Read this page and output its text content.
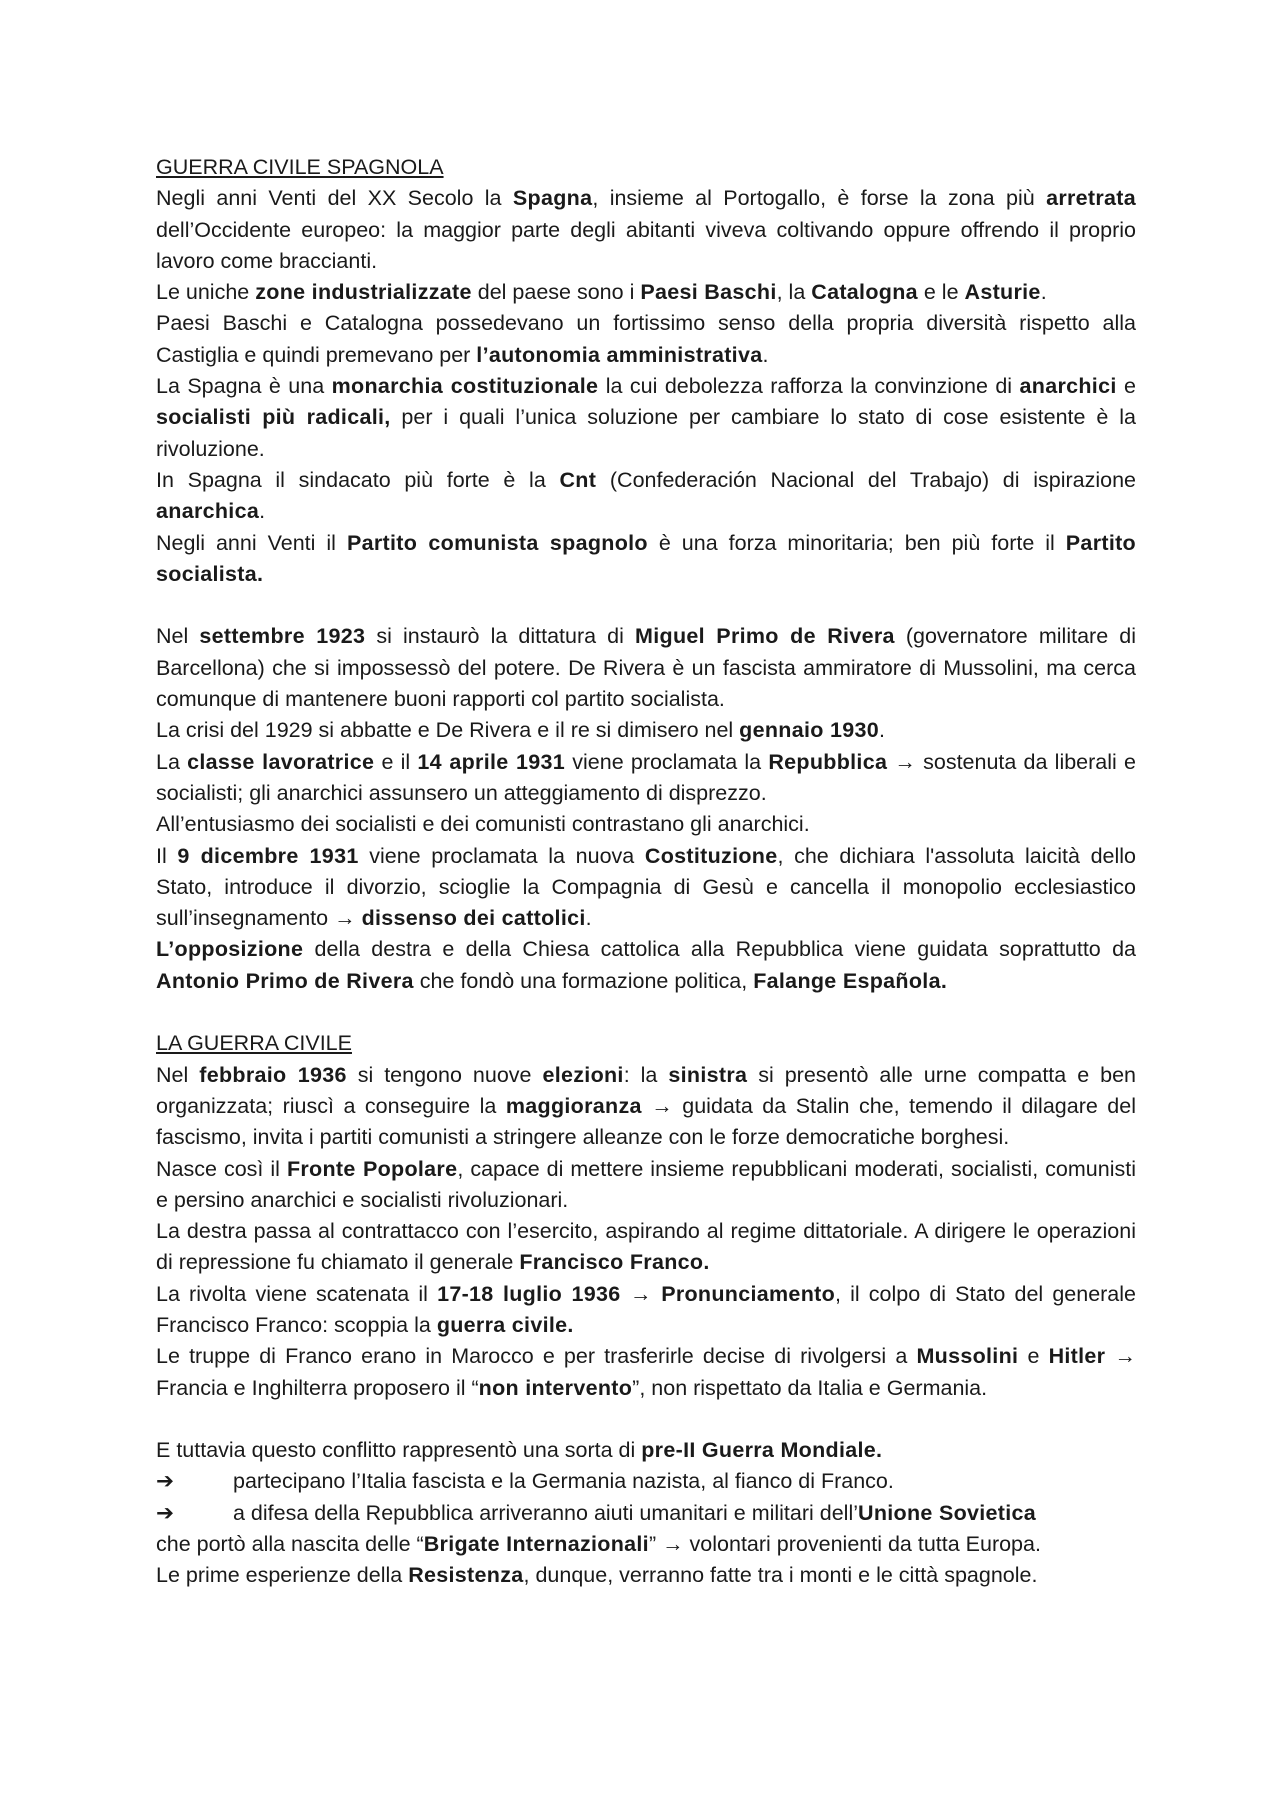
GUERRA CIVILE SPAGNOLA

Negli anni Venti del XX Secolo la Spagna, insieme al Portogallo, è forse la zona più arretrata dell’Occidente europeo: la maggior parte degli abitanti viveva coltivando oppure offrendo il proprio lavoro come braccianti.

Le uniche zone industrializzate del paese sono i Paesi Baschi, la Catalogna e le Asturie.

Paesi Baschi e Catalogna possedevano un fortissimo senso della propria diversità rispetto alla Castiglia e quindi premevano per l’autonomia amministrativa.

La Spagna è una monarchia costituzionale la cui debolezza rafforza la convinzione di anarchici e socialisti più radicali, per i quali l’unica soluzione per cambiare lo stato di cose esistente è la rivoluzione.

In Spagna il sindacato più forte è la Cnt (Confederación Nacional del Trabajo) di ispirazione anarchica.

Negli anni Venti il Partito comunista spagnolo è una forza minoritaria; ben più forte il Partito socialista.

Nel settembre 1923 si instaurò la dittatura di Miguel Primo de Rivera (governatore militare di Barcellona) che si impossessò del potere. De Rivera è un fascista ammiratore di Mussolini, ma cerca comunque di mantenere buoni rapporti col partito socialista.

La crisi del 1929 si abbatte e De Rivera e il re si dimisero nel gennaio 1930.

La classe lavoratrice e il 14 aprile 1931 viene proclamata la Repubblica → sostenuta da liberali e socialisti; gli anarchici assunsero un atteggiamento di disprezzo.

All’entusiasmo dei socialisti e dei comunisti contrastano gli anarchici.

Il 9 dicembre 1931 viene proclamata la nuova Costituzione, che dichiara l'assoluta laicità dello Stato, introduce il divorzio, scioglie la Compagnia di Gesù e cancella il monopolio ecclesiastico sull’insegnamento → dissenso dei cattolici.

L’opposizione della destra e della Chiesa cattolica alla Repubblica viene guidata soprattutto da Antonio Primo de Rivera che fondò una formazione politica, Falange Española.

LA GUERRA CIVILE

Nel febbraio 1936 si tengono nuove elezioni: la sinistra si presentò alle urne compatta e ben organizzata; riuscì a conseguire la maggioranza → guidata da Stalin che, temendo il dilagare del fascismo, invita i partiti comunisti a stringere alleanze con le forze democratiche borghesi.

Nasce così il Fronte Popolare, capace di mettere insieme repubblicani moderati, socialisti, comunisti e persino anarchici e socialisti rivoluzionari.

La destra passa al contrattacco con l’esercito, aspirando al regime dittatoriale. A dirigere le operazioni di repressione fu chiamato il generale Francisco Franco.

La rivolta viene scatenata il 17-18 luglio 1936 → Pronunciamento, il colpo di Stato del generale Francisco Franco: scoppia la guerra civile.

Le truppe di Franco erano in Marocco e per trasferirle decise di rivolgersi a Mussolini e Hitler → Francia e Inghilterra proposero il “non intervento”, non rispettato da Italia e Germania.

E tuttavia questo conflitto rappresentò una sorta di pre-II Guerra Mondiale.

➔	partecipano l’Italia fascista e la Germania nazista, al fianco di Franco.
➔	a difesa della Repubblica arriveranno aiuti umanitari e militari dell’Unione Sovietica

che portò alla nascita delle “Brigate Internazionali” → volontari provenienti da tutta Europa.

Le prime esperienze della Resistenza, dunque, verranno fatte tra i monti e le città spagnole.
